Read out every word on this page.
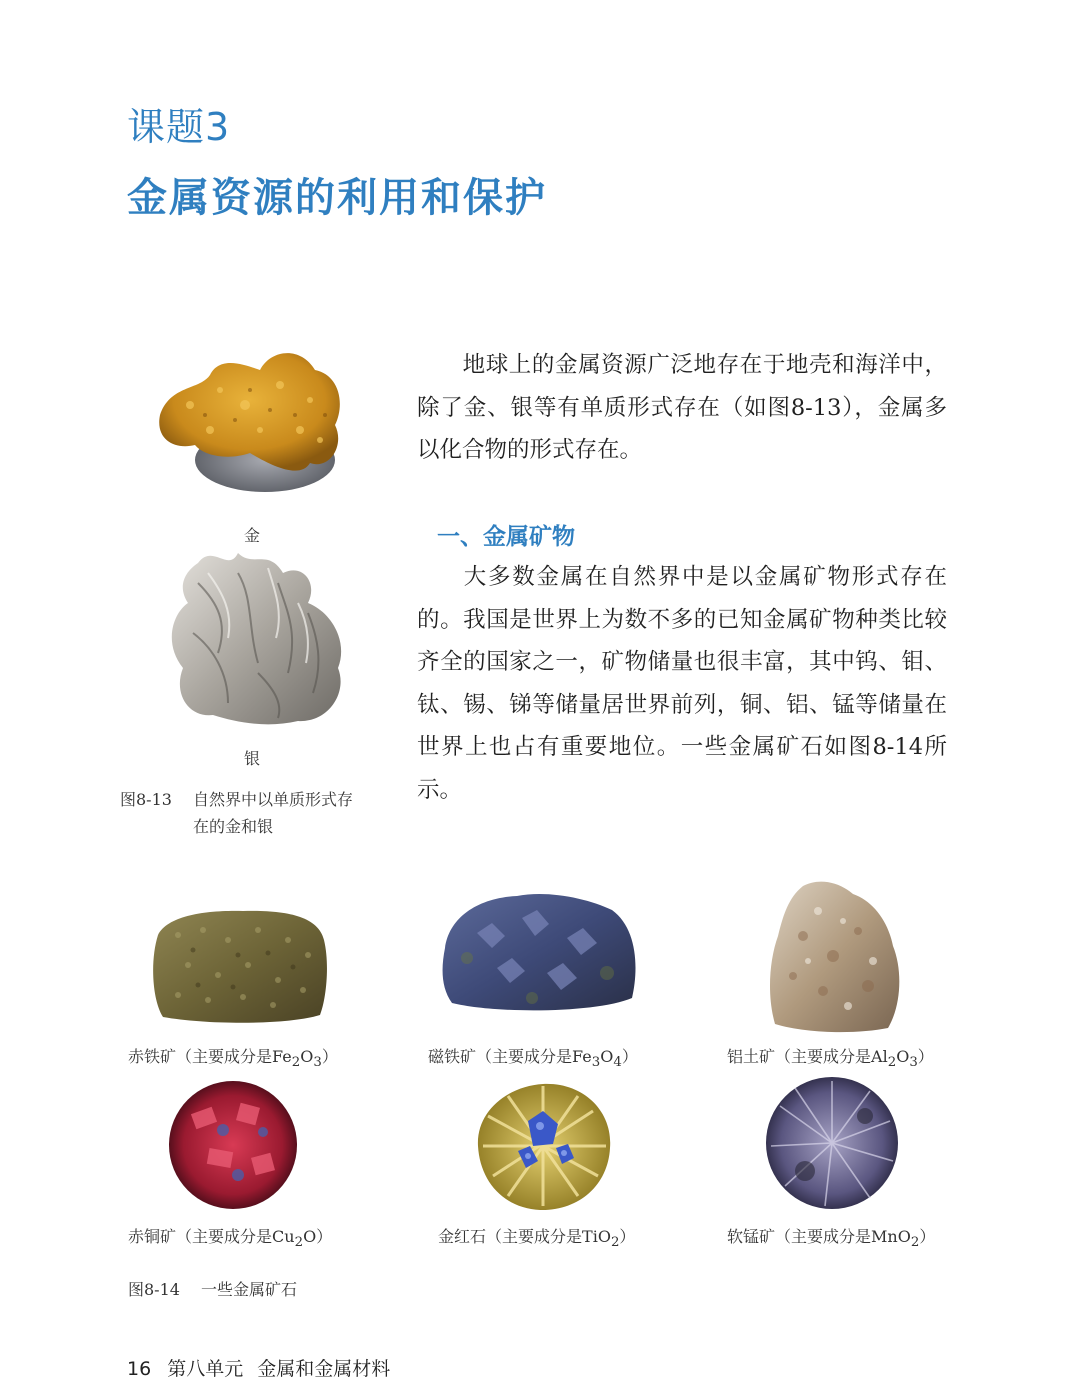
课题3
金属资源的利用和保护
金
银
图8-13 自然界中以单质形式存
在的金和银

地球上的金属资源广泛地存在于地壳和海洋中，除了金、银等有单质形式存在（如图8-13），金属多以化合物的形式存在。

一、金属矿物

大多数金属在自然界中是以金属矿物形式存在的。我国是世界上为数不多的已知金属矿物种类比较齐全的国家之一，矿物储量也很丰富，其中钨、钼、钛、锡、锑等储量居世界前列，铜、铝、锰等储量在世界上也占有重要地位。一些金属矿石如图8-14所示。

赤铁矿（主要成分是$Fe_2O_3$）	磁铁矿（主要成分是$Fe_3O_4$）	铝土矿（主要成分是$Al_2O_3$）
赤铜矿（主要成分是$Cu_2O$）	金红石（主要成分是TiO$_2$）	软锰矿（主要成分是MnO$_2$）
图8-14 一些金属矿石
16 第八单元 金属和金属材料
